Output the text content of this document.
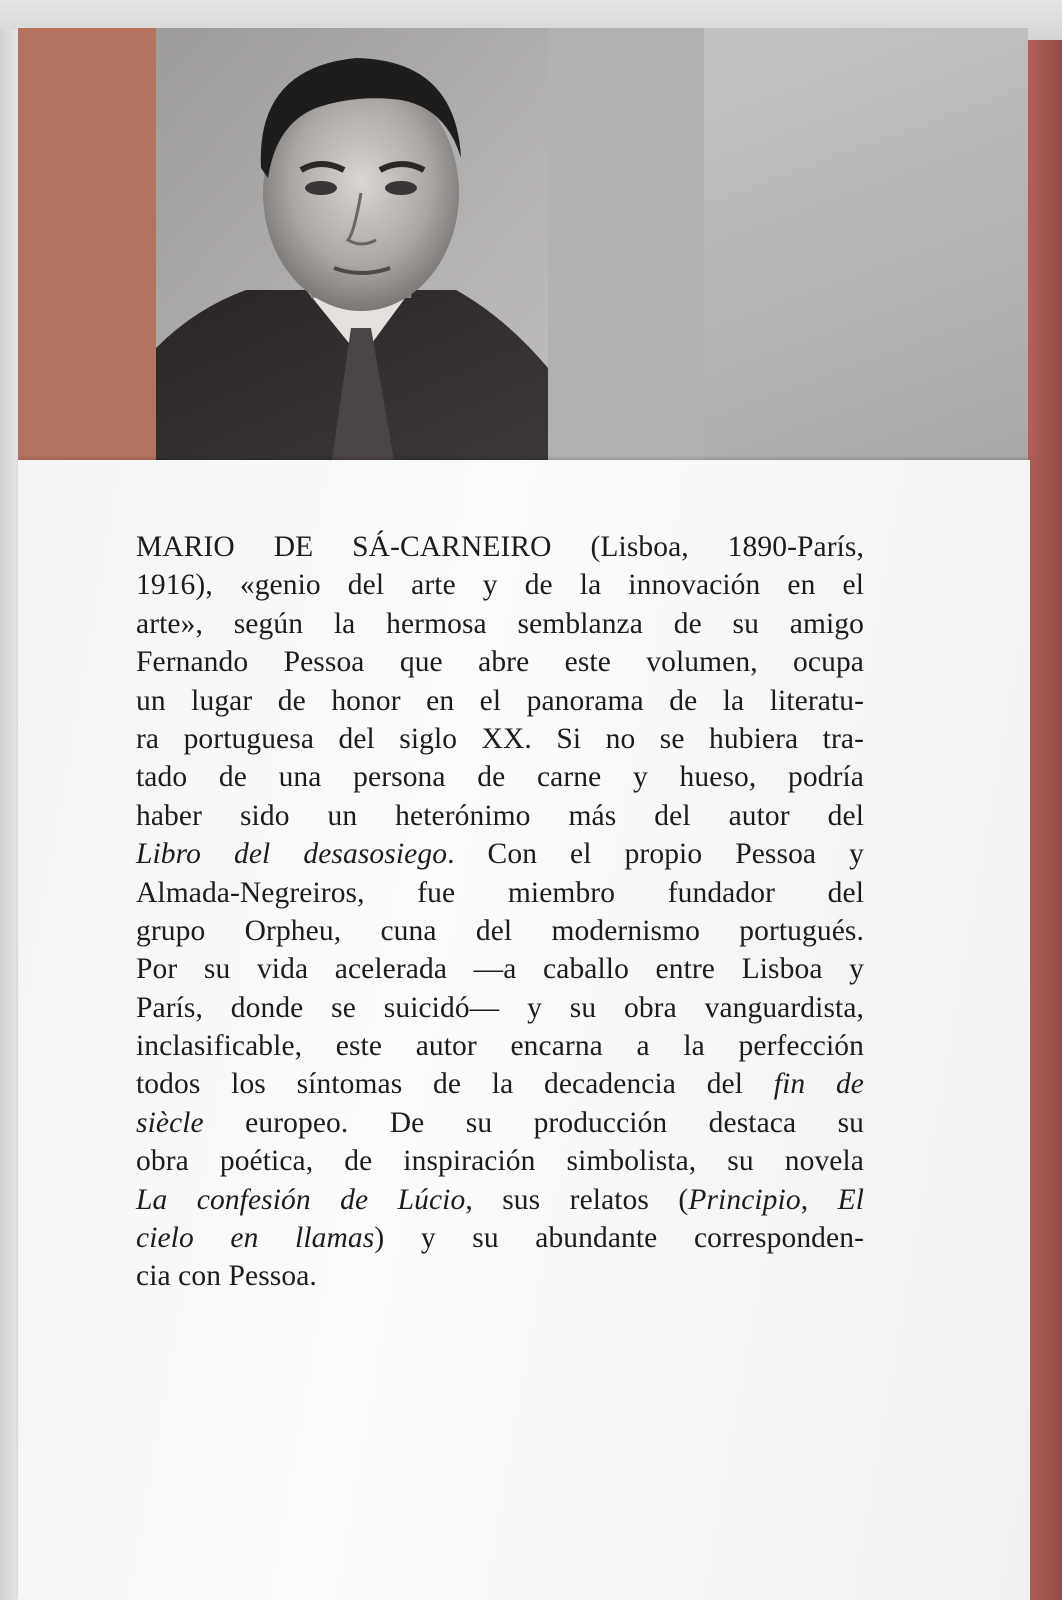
MARIO DE SÁ-CARNEIRO (Lisboa, 1890-París,
1916), «genio del arte y de la innovación en el
arte», según la hermosa semblanza de su amigo
Fernando Pessoa que abre este volumen, ocupa
un lugar de honor en el panorama de la literatu-
ra portuguesa del siglo XX. Si no se hubiera tra-
tado de una persona de carne y hueso, podría
haber sido un heterónimo más del autor del
Libro del desasosiego. Con el propio Pessoa y
Almada-Negreiros, fue miembro fundador del
grupo Orpheu, cuna del modernismo portugués.
Por su vida acelerada —a caballo entre Lisboa y
París, donde se suicidó— y su obra vanguardista,
inclasificable, este autor encarna a la perfección
todos los síntomas de la decadencia del fin de
siècle europeo. De su producción destaca su
obra poética, de inspiración simbolista, su novela
La confesión de Lúcio, sus relatos (Principio, El
cielo en llamas) y su abundante corresponden-
cia con Pessoa.
